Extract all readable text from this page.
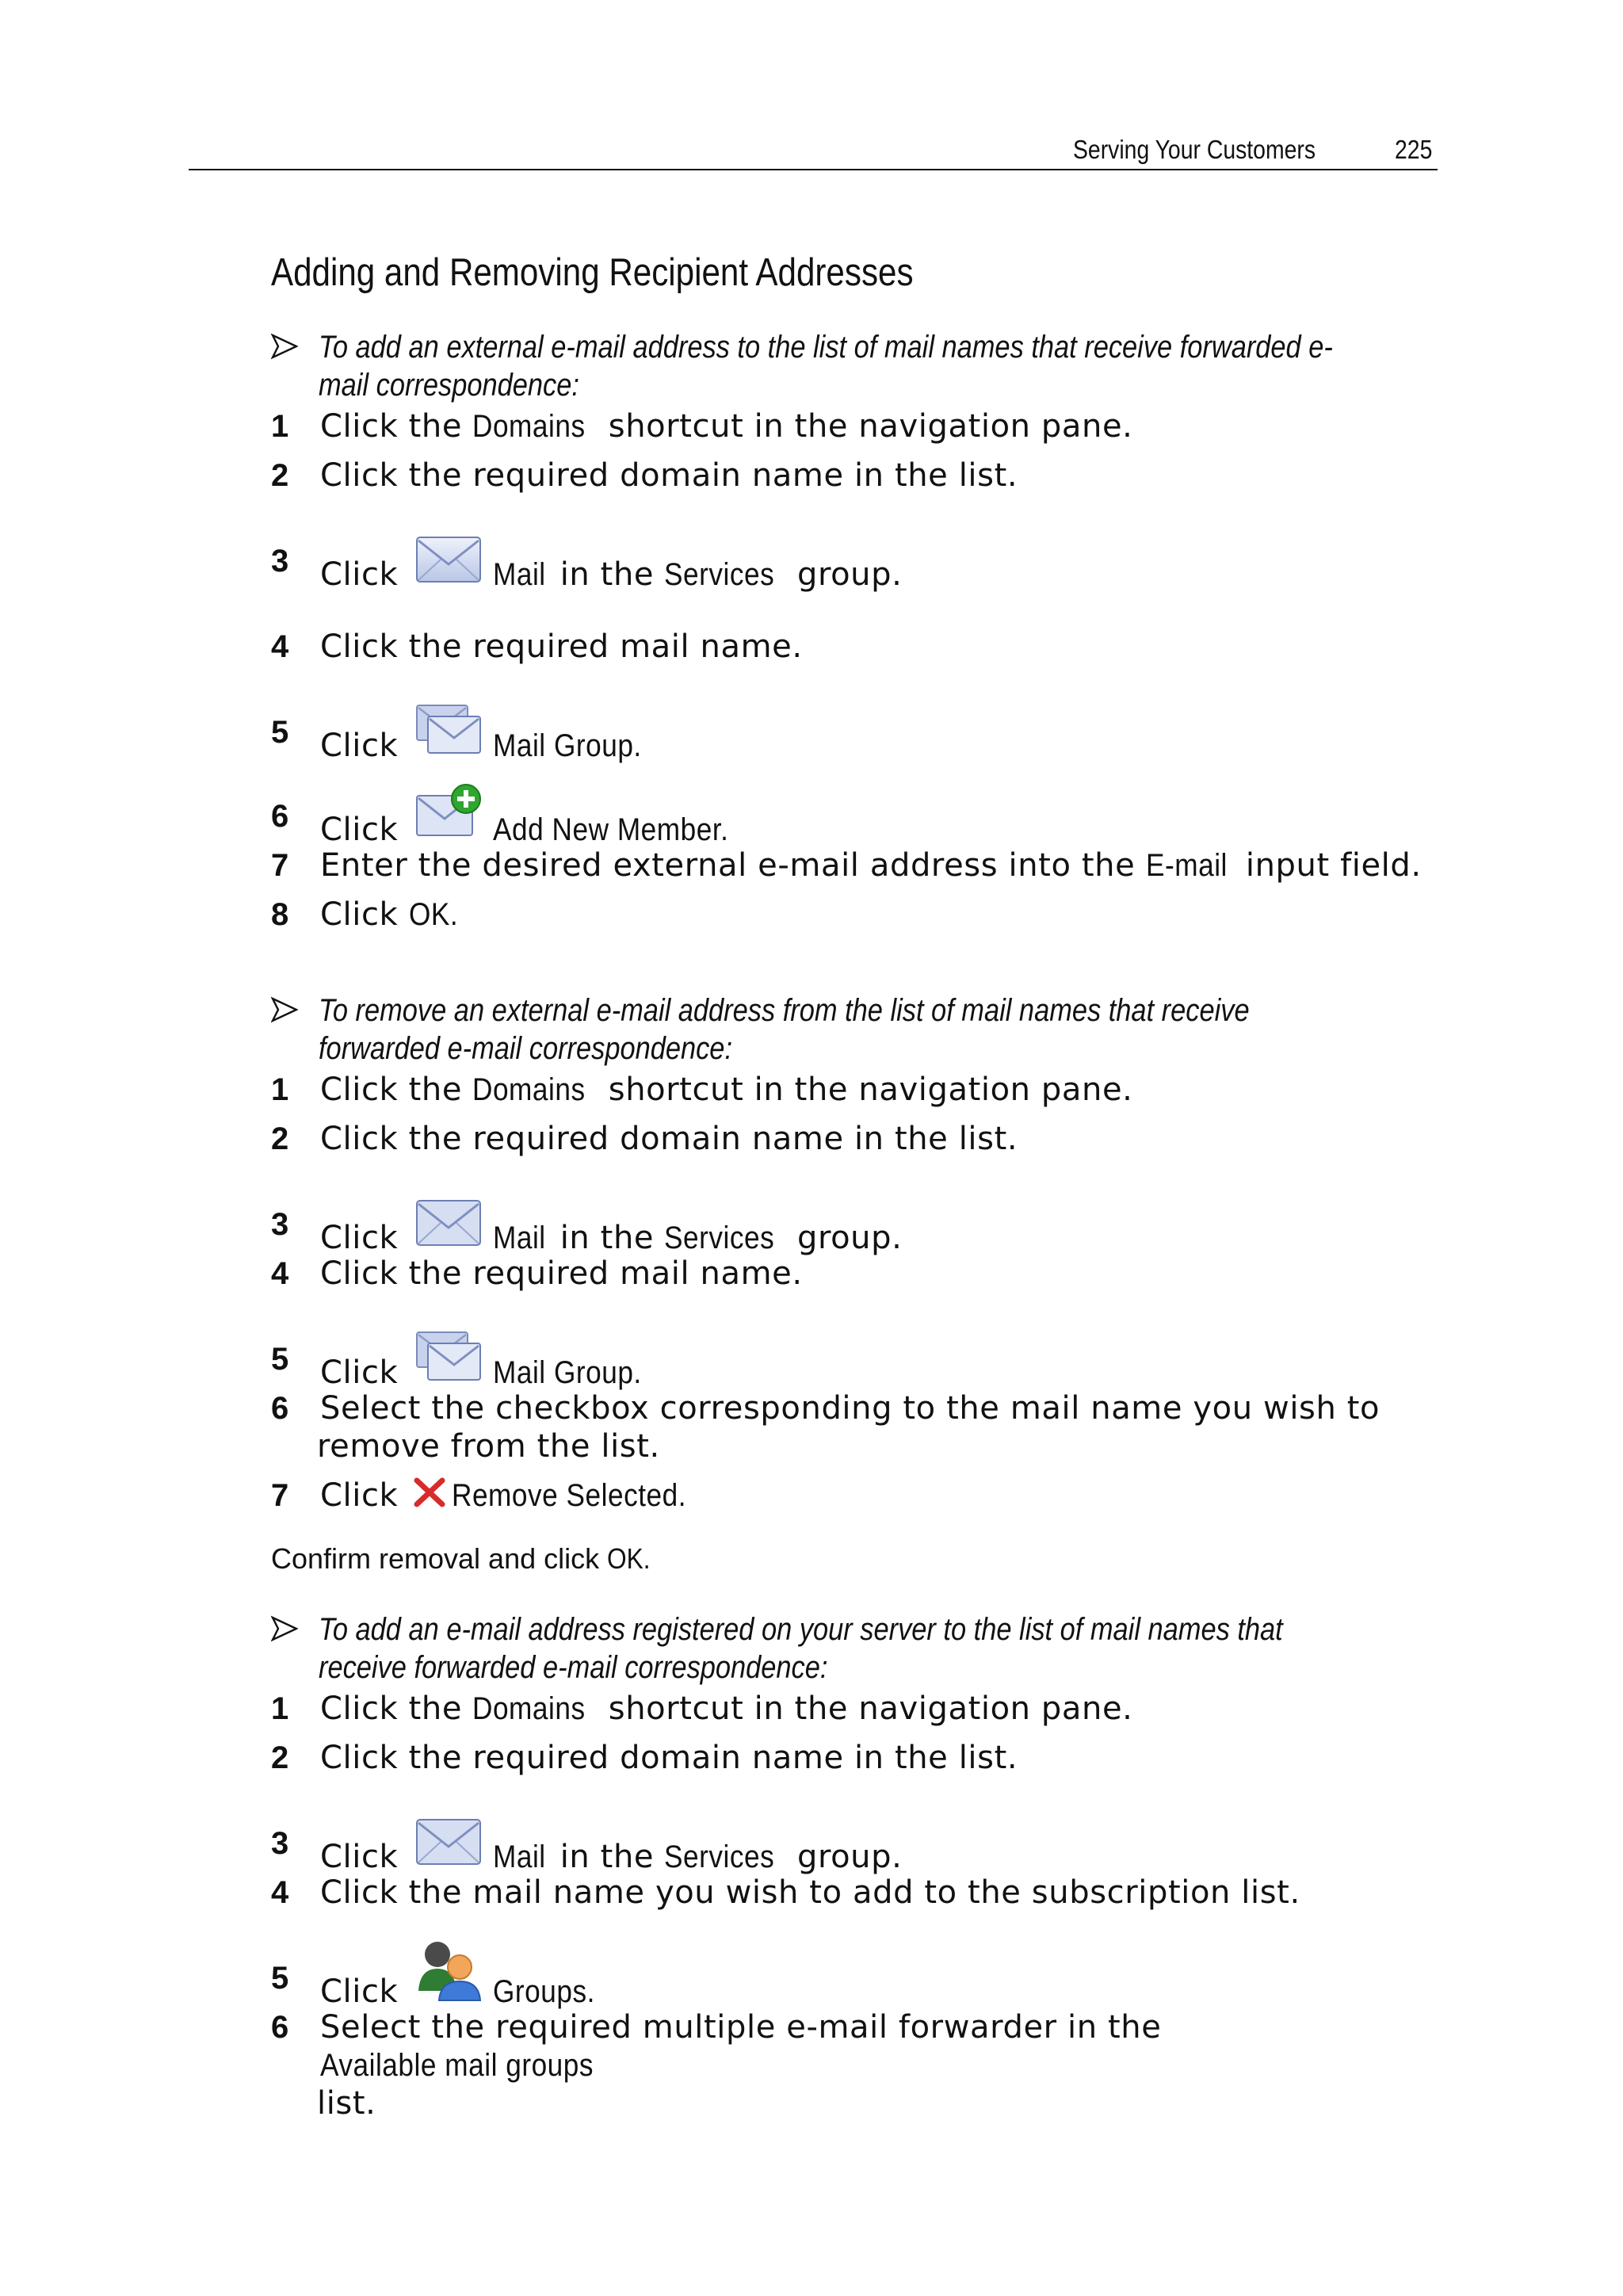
Serving Your Customers	225
Adding and Removing Recipient Addresses
To add an external e-mail address to the list of mail names that receive forwarded e-
mail correspondence:
1 Click the Domains shortcut in the navigation pane.
2 Click the required domain name in the list.
3 Click	Mail in the Services group.
4 Click the required mail name.
5 Click	Mail Group.
6 Click	Add New Member.
7 Enter the desired external e-mail address into the E-mail input field.
8 Click OK.
To remove an external e-mail address from the list of mail names that receive
forwarded e-mail correspondence:
1 Click the Domains shortcut in the navigation pane.
2 Click the required domain name in the list.
3 Click	Mail in the Services group.
4 Click the required mail name.
5 Click	Mail Group.
6 Select the checkbox corresponding to the mail name you wish to
remove from the list.
7 Click
Remove Selected.
Confirm removal and click OK.
To add an e-mail address registered on your server to the list of mail names that
receive forwarded e-mail correspondence:
1 Click the Domains shortcut in the navigation pane.
2 Click the required domain name in the list.
3 Click	Mail in the Services group.
4 Click the mail name you wish to add to the subscription list.
5 Click	Groups.
6 Select the required multiple e-mail forwarder in the Available mail groups
list.
